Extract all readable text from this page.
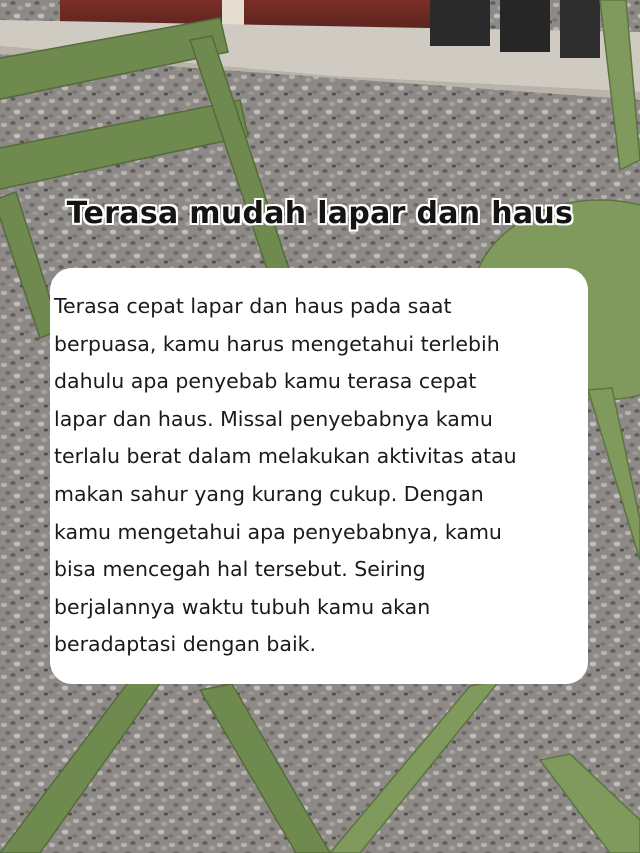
Terasa mudah lapar dan haus

Terasa cepat lapar dan haus pada saat
berpuasa, kamu harus mengetahui terlebih
dahulu apa penyebab kamu terasa cepat
lapar dan haus. Missal penyebabnya kamu
terlalu berat dalam melakukan aktivitas atau
makan sahur yang kurang cukup. Dengan
kamu mengetahui apa penyebabnya, kamu
bisa mencegah hal tersebut. Seiring
berjalannya waktu tubuh kamu akan
beradaptasi dengan baik.
